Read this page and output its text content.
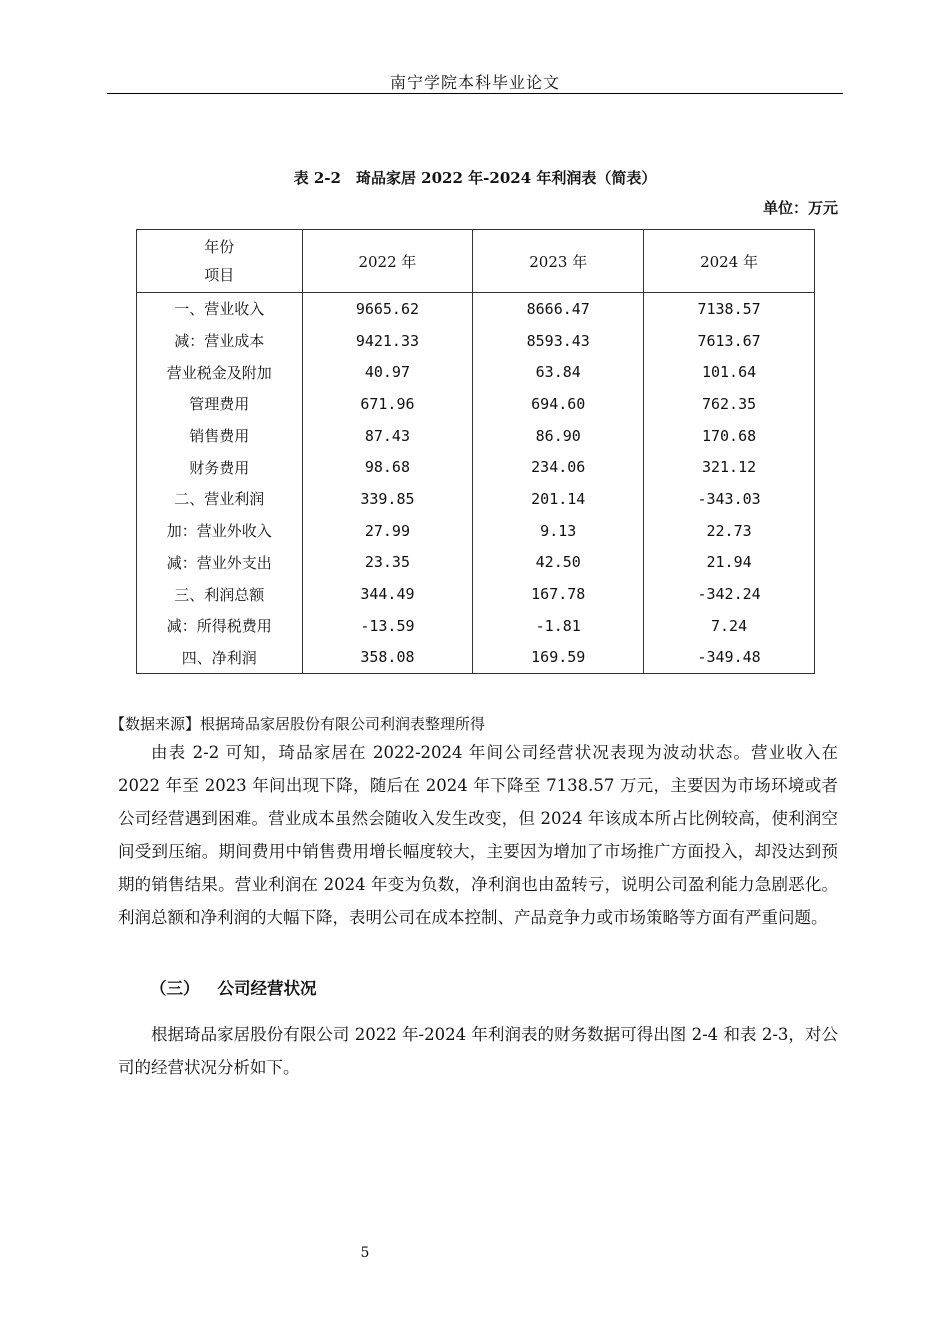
南宁学院本科毕业论文
表 2-2　琦品家居 2022 年-2024 年利润表（简表）
单位：万元
年份
项目	2022 年	2023 年	2024 年
一、营业收入	9665.62	8666.47	7138.57
减：营业成本	9421.33	8593.43	7613.67
营业税金及附加	40.97	63.84	101.64
管理费用	671.96	694.60	762.35
销售费用	87.43	86.90	170.68
财务费用	98.68	234.06	321.12
二、营业利润	339.85	201.14	-343.03
加：营业外收入	27.99	9.13	22.73
减：营业外支出	23.35	42.50	21.94
三、利润总额	344.49	167.78	-342.24
减：所得税费用	-13.59	-1.81	7.24
四、净利润	358.08	169.59	-349.48
【数据来源】根据琦品家居股份有限公司利润表整理所得
由表 2-2 可知，琦品家居在 2022-2024 年间公司经营状况表现为波动状态。营业收入在 2022 年至 2023 年间出现下降，随后在 2024 年下降至 7138.57 万元，主要因为市场环境或者公司经营遇到困难。营业成本虽然会随收入发生改变，但 2024 年该成本所占比例较高，使利润空间受到压缩。期间费用中销售费用增长幅度较大，主要因为增加了市场推广方面投入，却没达到预期的销售结果。营业利润在 2024 年变为负数，净利润也由盈转亏，说明公司盈利能力急剧恶化。利润总额和净利润的大幅下降，表明公司在成本控制、产品竞争力或市场策略等方面有严重问题。
（三） 公司经营状况
根据琦品家居股份有限公司 2022 年-2024 年利润表的财务数据可得出图 2-4 和表 2-3，对公司的经营状况分析如下。
5
